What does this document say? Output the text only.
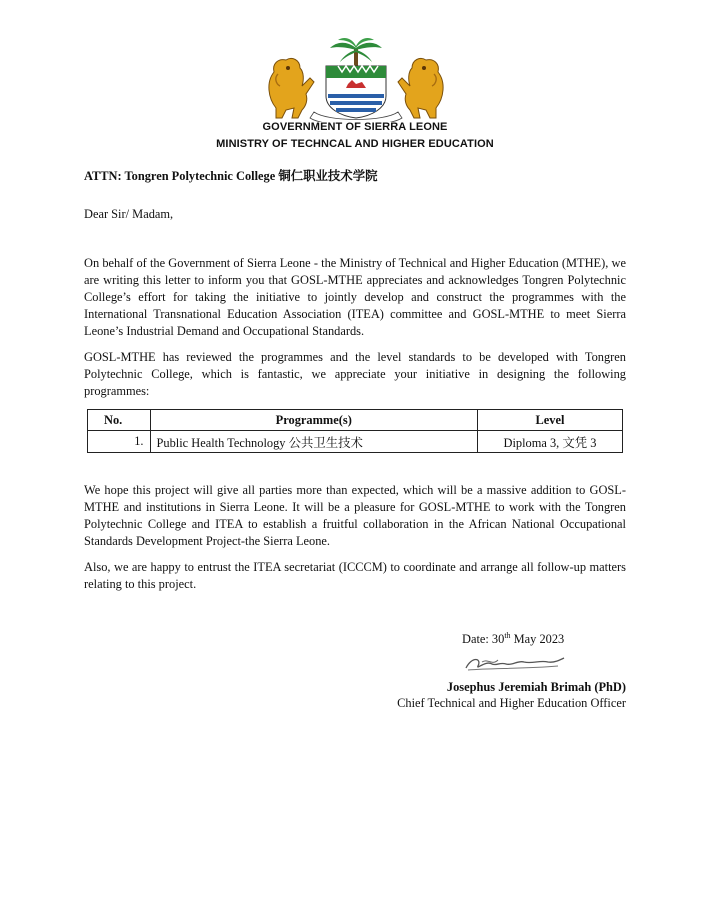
GOVERNMENT OF SIERRA LEONE
MINISTRY OF TECHNCAL AND HIGHER EDUCATION
ATTN: Tongren Polytechnic College 铜仁职业技术学院
Dear Sir/ Madam,

On behalf of the Government of Sierra Leone - the Ministry of Technical and Higher Education (MTHE), we are writing this letter to inform you that GOSL-MTHE appreciates and acknowledges Tongren Polytechnic College’s effort for taking the initiative to jointly develop and construct the programmes with the International Transnational Education Association (ITEA) committee and GOSL-MTHE to meet Sierra Leone’s Industrial Demand and Occupational Standards.

GOSL-MTHE has reviewed the programmes and the level standards to be developed with Tongren Polytechnic College, which is fantastic, we appreciate your initiative in designing the following programmes:

No.	Programme(s)	Level
1.	Public Health Technology 公共卫生技术	Diploma 3, 文凭 3

We hope this project will give all parties more than expected, which will be a massive addition to GOSL-MTHE and institutions in Sierra Leone. It will be a pleasure for GOSL-MTHE to work with the Tongren Polytechnic College and ITEA to establish a fruitful collaboration in the African National Occupational Standards Development Project-the Sierra Leone.

Also, we are happy to entrust the ITEA secretariat (ICCCM) to coordinate and arrange all follow-up matters relating to this project.

Date: 30th May 2023
Josephus Jeremiah Brimah (PhD)
Chief Technical and Higher Education Officer
